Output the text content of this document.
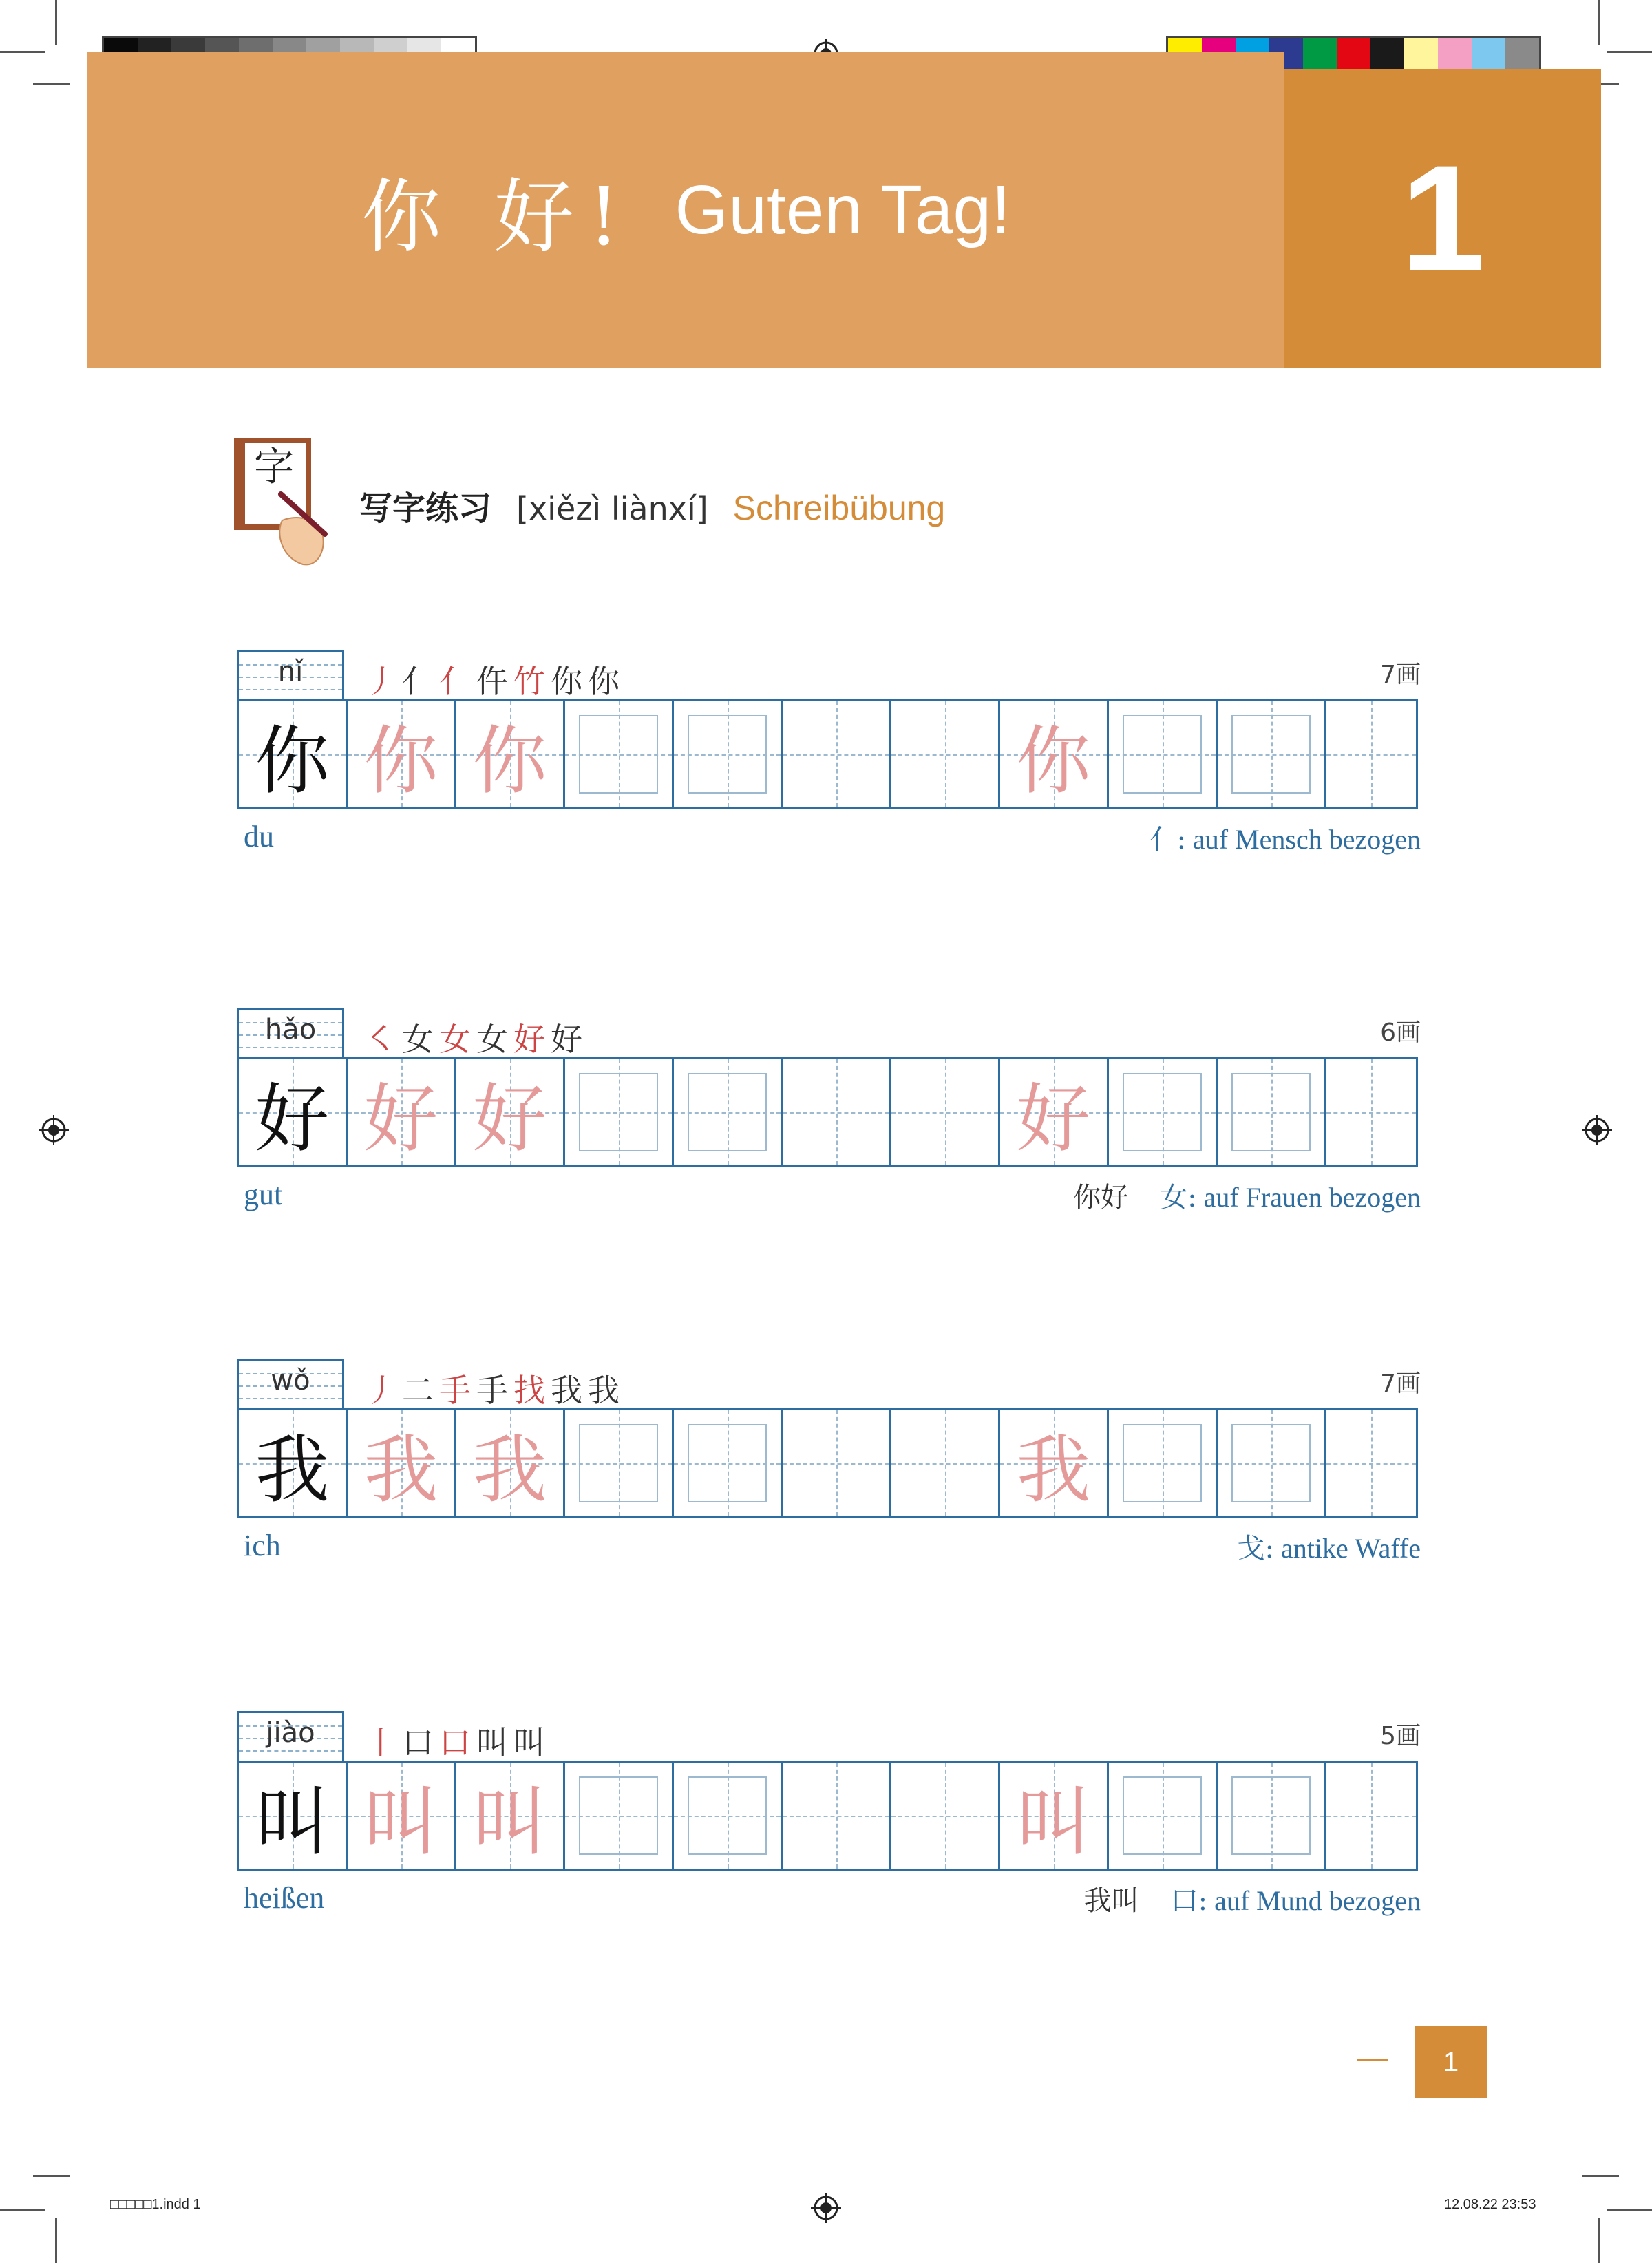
你 好! Guten Tag!	1
字
写字练习 [xiězì liànxí] Schreibübung
nǐ	丿亻亻仵竹你你	7画
你 你 你	你
du	亻: auf Mensch bezogen
hǎo	㇛女女女好好	6画
好 好 好	好
gut	你好 女: auf Frauen bezogen
wǒ	丿二手手找我我	7画
我 我 我	我
ich	戈: antike Waffe
jiào	丨口口叫叫	5画
叫 叫 叫	叫
heißen	我叫 口: auf Mund bezogen
1
□□□□□1.indd 1	12.08.22 23:53
